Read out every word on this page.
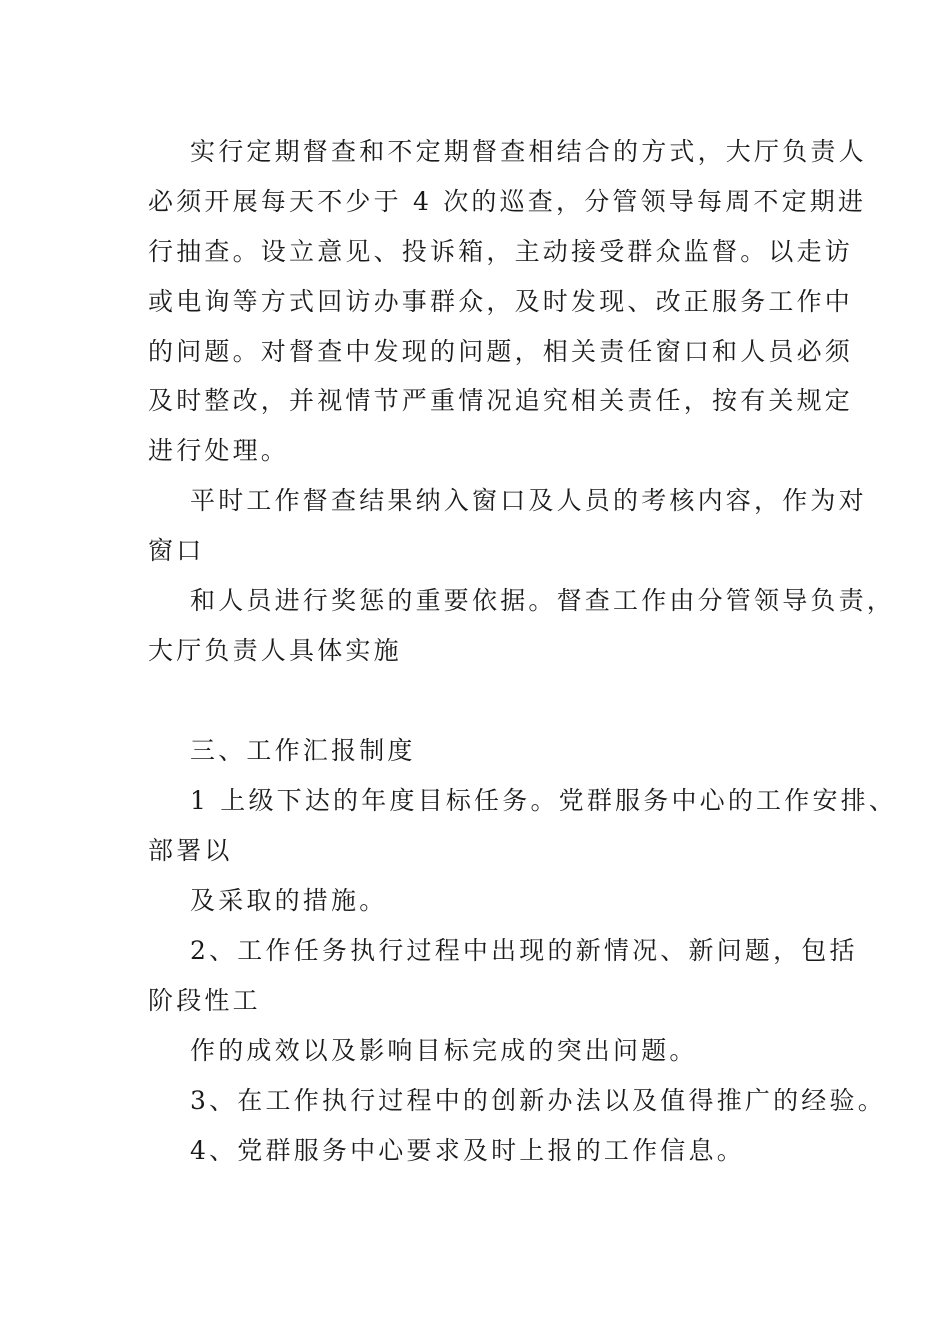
实行定期督查和不定期督查相结合的方式，大厅负责人
必须开展每天不少于 4 次的巡查，分管领导每周不定期进
行抽查。设立意见、投诉箱，主动接受群众监督。以走访
或电询等方式回访办事群众，及时发现、改正服务工作中
的问题。对督查中发现的问题，相关责任窗口和人员必须
及时整改，并视情节严重情况追究相关责任，按有关规定
进行处理。
平时工作督查结果纳入窗口及人员的考核内容，作为对
窗口
和人员进行奖惩的重要依据。督查工作由分管领导负责，
大厅负责人具体实施
三、工作汇报制度
1 上级下达的年度目标任务。党群服务中心的工作安排、
部署以
及采取的措施。
2、工作任务执行过程中出现的新情况、新问题，包括
阶段性工
作的成效以及影响目标完成的突出问题。
3、在工作执行过程中的创新办法以及值得推广的经验。
4、党群服务中心要求及时上报的工作信息。
